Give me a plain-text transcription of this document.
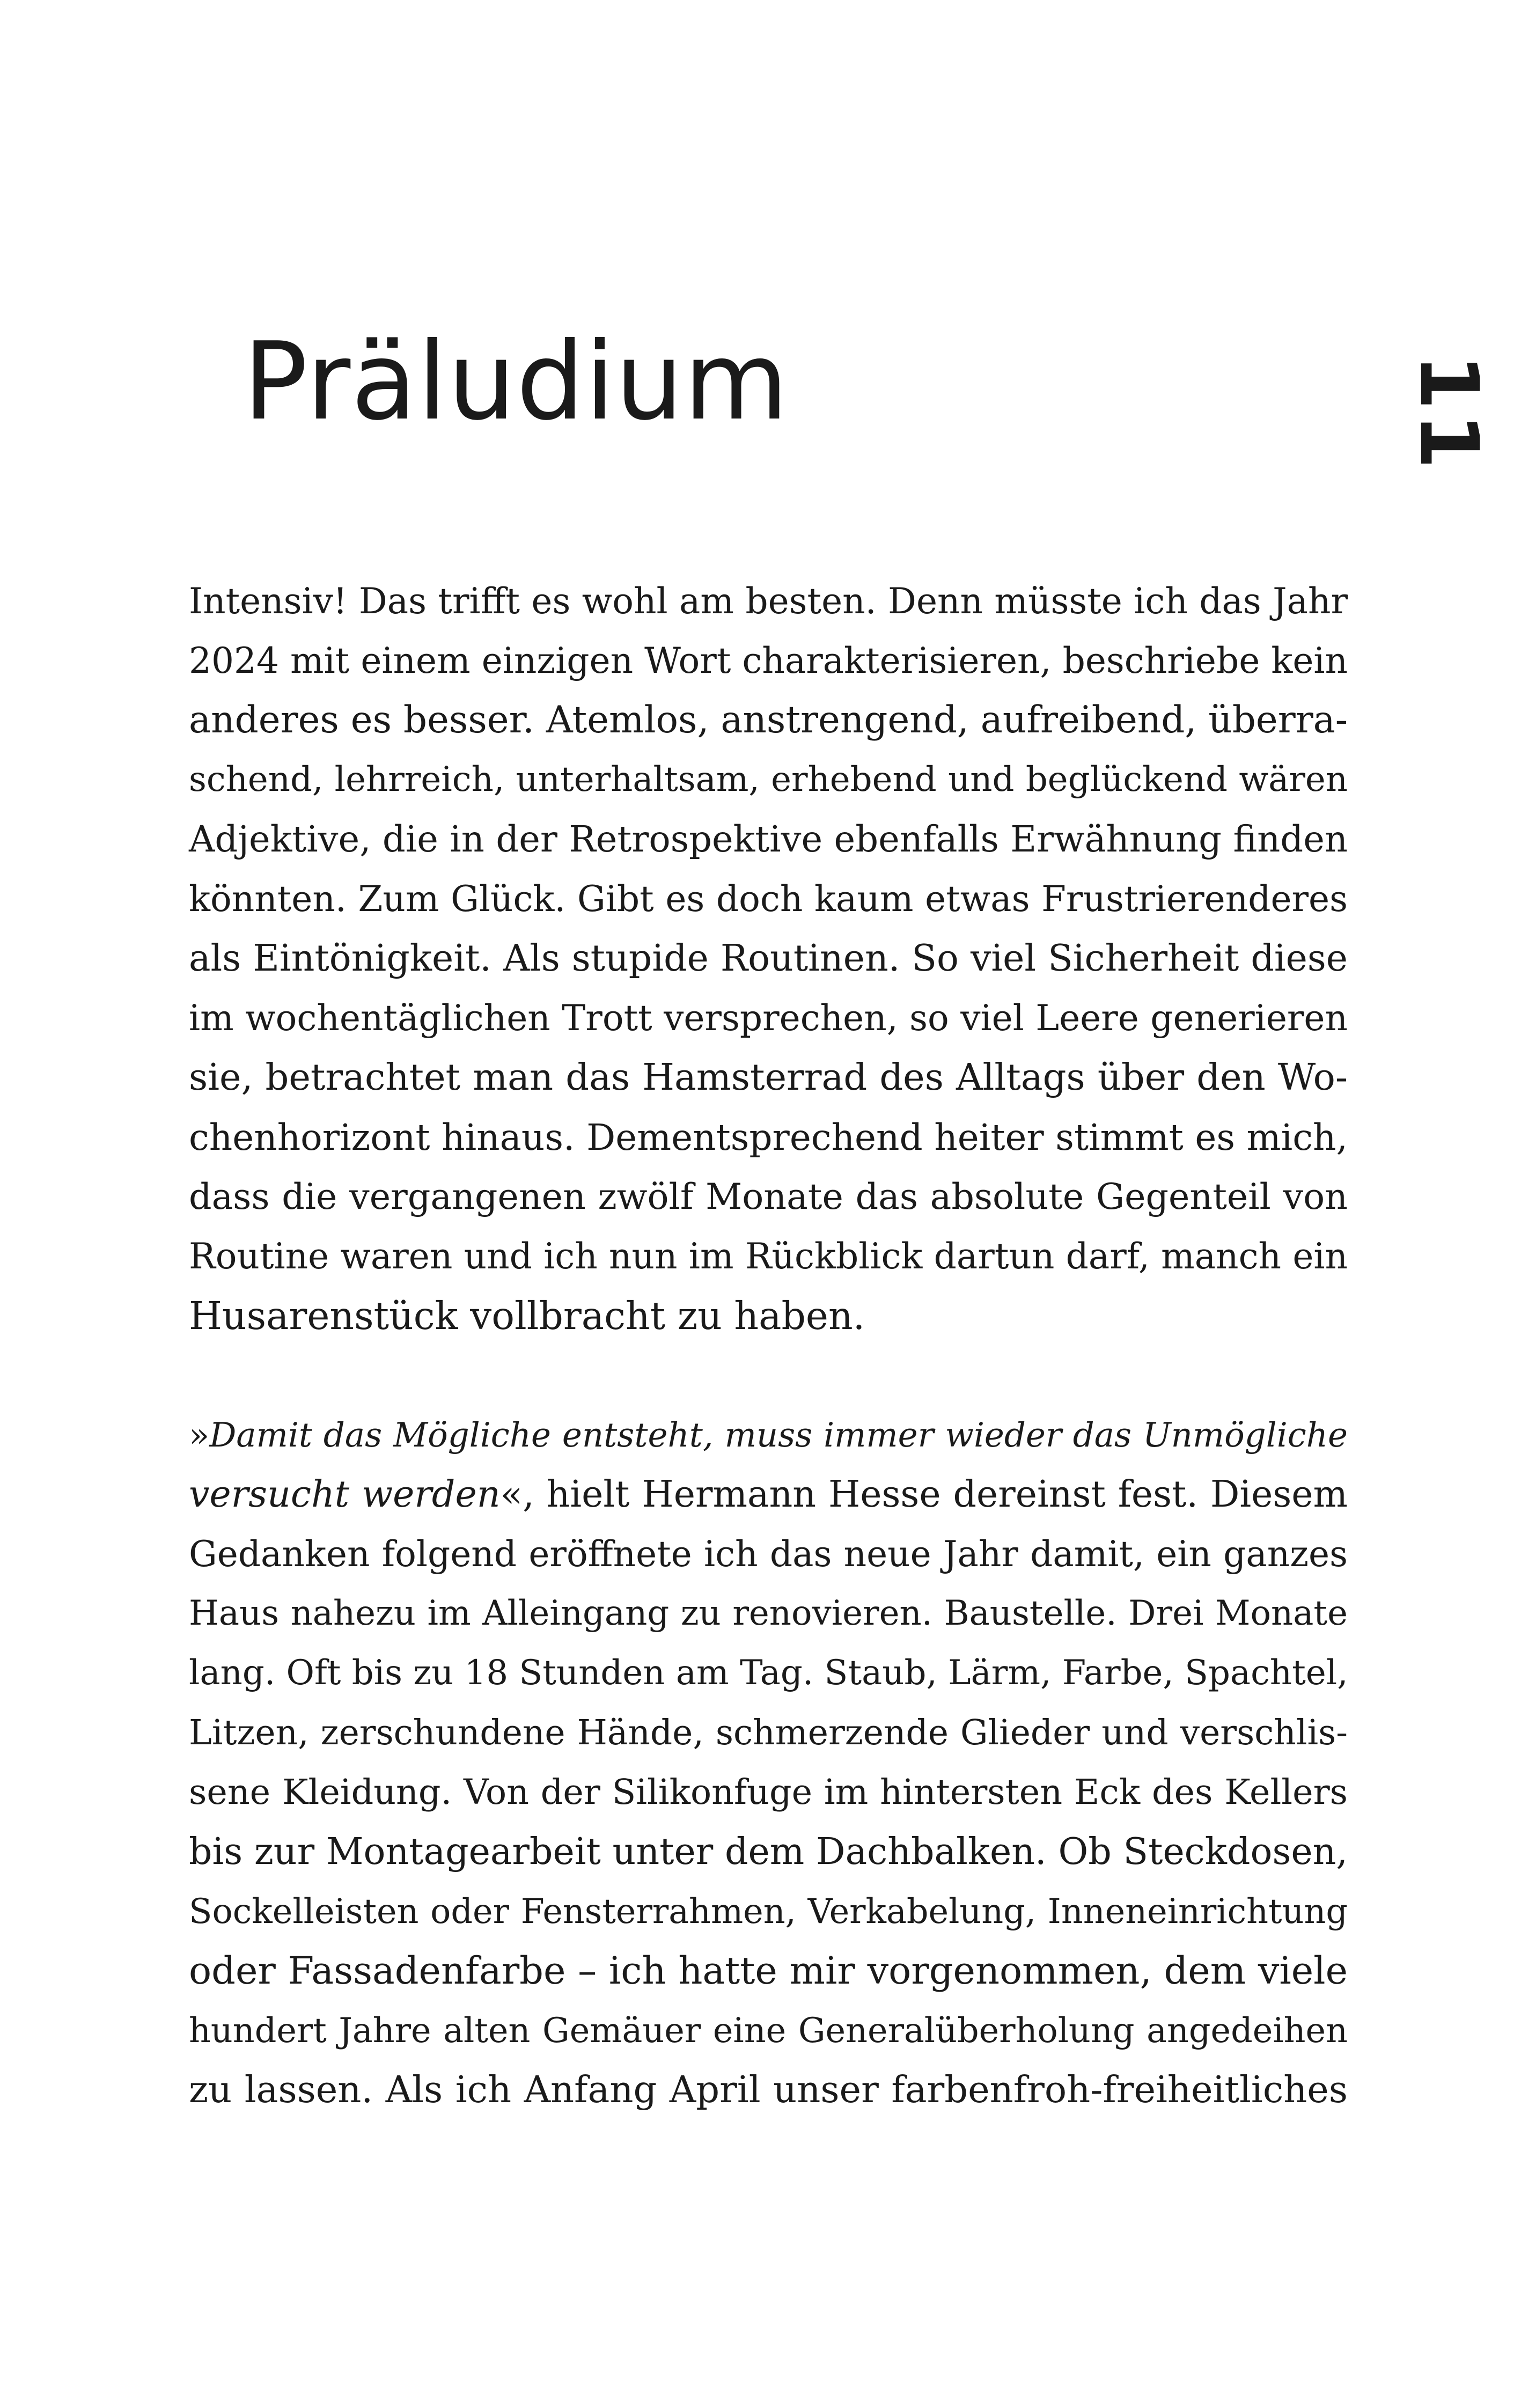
Präludium	11
Intensiv! Das trifft es wohl am besten. Denn müsste ich das Jahr
2024 mit einem einzigen Wort charakterisieren, beschriebe kein
anderes es besser. Atemlos, anstrengend, aufreibend, überra-
schend, lehrreich, unterhaltsam, erhebend und beglückend wären
Adjektive, die in der Retrospektive ebenfalls Erwähnung finden
könnten. Zum Glück. Gibt es doch kaum etwas Frustrierenderes
als Eintönigkeit. Als stupide Routinen. So viel Sicherheit diese
im wochentäglichen Trott versprechen, so viel Leere generieren
sie, betrachtet man das Hamsterrad des Alltags über den Wo-
chenhorizont hinaus. Dementsprechend heiter stimmt es mich,
dass die vergangenen zwölf Monate das absolute Gegenteil von
Routine waren und ich nun im Rückblick dartun darf, manch ein
Husarenstück vollbracht zu haben.
»Damit das Mögliche entsteht, muss immer wieder das Unmögliche
versucht werden«, hielt Hermann Hesse dereinst fest. Diesem
Gedanken folgend eröffnete ich das neue Jahr damit, ein ganzes
Haus nahezu im Alleingang zu renovieren. Baustelle. Drei Monate
lang. Oft bis zu 18 Stunden am Tag. Staub, Lärm, Farbe, Spachtel,
Litzen, zerschundene Hände, schmerzende Glieder und verschlis-
sene Kleidung. Von der Silikonfuge im hintersten Eck des Kellers
bis zur Montagearbeit unter dem Dachbalken. Ob Steckdosen,
Sockelleisten oder Fensterrahmen, Verkabelung, Inneneinrichtung
oder Fassadenfarbe – ich hatte mir vorgenommen, dem viele
hundert Jahre alten Gemäuer eine Generalüberholung angedeihen
zu lassen. Als ich Anfang April unser farbenfroh-freiheitliches
